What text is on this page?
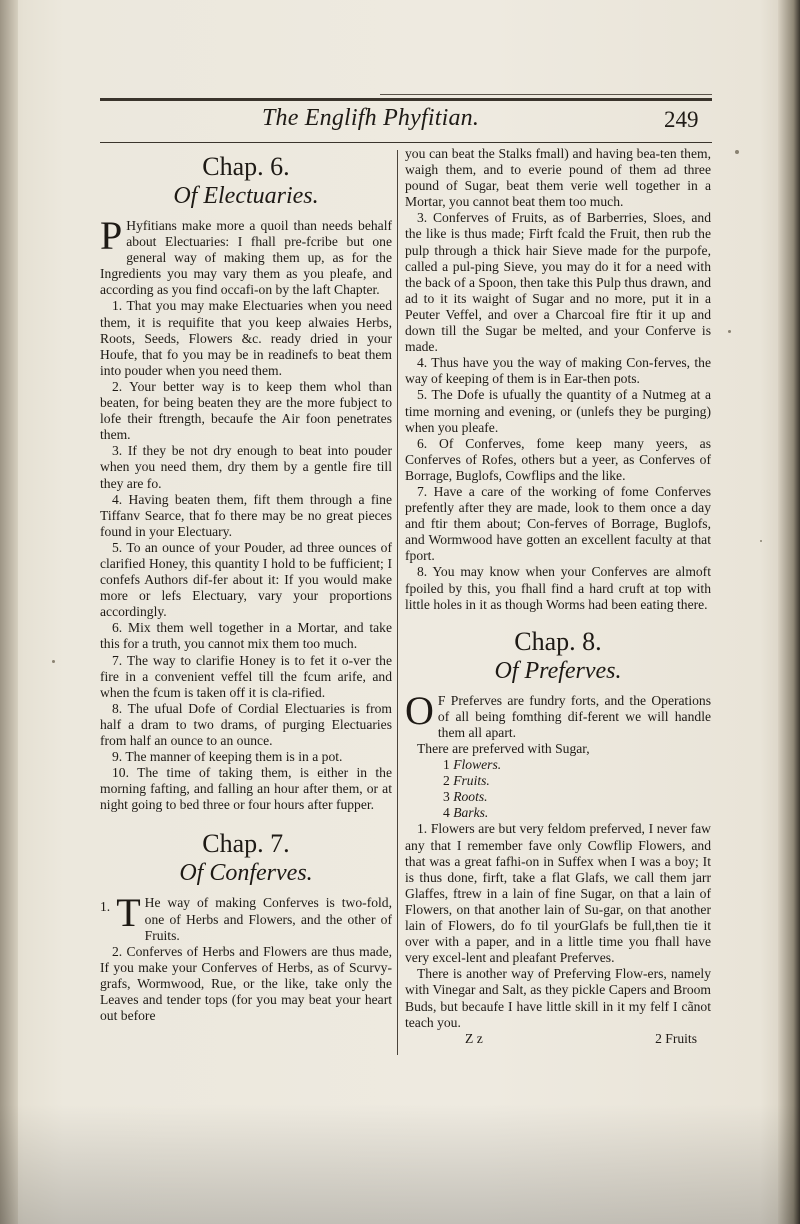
The Englifh Phyfitian.	249
Chap. 6.
Of Electuaries.

P Hyfitians make more a quoil than needs behalf about Electuaries: I fhall pre-fcribe but one general way of making them up, as for the Ingredients you may vary them as you pleafe, and according as you find occafi-on by the laft Chapter.

1. That you may make Electuaries when you need them, it is requifite that you keep alwaies Herbs, Roots, Seeds, Flowers &c. ready dried in your Houfe, that fo you may be in readinefs to beat them into pouder when you need them.

2. Your better way is to keep them whol than beaten, for being beaten they are the more fubject to lofe their ftrength, becaufe the Air foon penetrates them.

3. If they be not dry enough to beat into pouder when you need them, dry them by a gentle fire till they are fo.

4. Having beaten them, fift them through a fine Tiffanv Searce, that fo there may be no great pieces found in your Electuary.

5. To an ounce of your Pouder, ad three ounces of clarified Honey, this quantity I hold to be fufficient; I confefs Authors dif-fer about it: If you would make more or lefs Electuary, vary your proportions accordingly.

6. Mix them well together in a Mortar, and take this for a truth, you cannot mix them too much.

7. The way to clarifie Honey is to fet it o-ver the fire in a convenient veffel till the fcum arife, and when the fcum is taken off it is cla-rified.

8. The ufual Dofe of Cordial Electuaries is from half a dram to two drams, of purging Electuaries from half an ounce to an ounce.

9. The manner of keeping them is in a pot.

10. The time of taking them, is either in the morning fafting, and falling an hour after them, or at night going to bed three or four hours after fupper.

Chap. 7.
Of Conferves.

1. T He way of making Conferves is two-fold, one of Herbs and Flowers, and the other of Fruits.

2. Conferves of Herbs and Flowers are thus made, If you make your Conferves of Herbs, as of Scurvy-grafs, Wormwood, Rue, or the like, take only the Leaves and tender tops (for you may beat your heart out before

you can beat the Stalks fmall) and having bea-ten them, waigh them, and to everie pound of them ad three pound of Sugar, beat them verie well together in a Mortar, you cannot beat them too much.

3. Conferves of Fruits, as of Barberries, Sloes, and the like is thus made; Firft fcald the Fruit, then rub the pulp through a thick hair Sieve made for the purpofe, called a pul-ping Sieve, you may do it for a need with the back of a Spoon, then take this Pulp thus drawn, and ad to it its waight of Sugar and no more, put it in a Peuter Veffel, and over a Charcoal fire ftir it up and down till the Sugar be melted, and your Conferve is made.

4. Thus have you the way of making Con-ferves, the way of keeping of them is in Ear-then pots.

5. The Dofe is ufually the quantity of a Nutmeg at a time morning and evening, or (unlefs they be purging) when you pleafe.

6. Of Conferves, fome keep many yeers, as Conferves of Rofes, others but a yeer, as Conferves of Borrage, Buglofs, Cowflips and the like.

7. Have a care of the working of fome Conferves prefently after they are made, look to them once a day and ftir them about; Con-ferves of Borrage, Buglofs, and Wormwood have gotten an excellent faculty at that fport.

8. You may know when your Conferves are almoft fpoiled by this, you fhall find a hard cruft at top with little holes in it as though Worms had been eating there.

Chap. 8.
Of Preferves.

O F Preferves are fundry forts, and the Operations of all being fomthing dif-ferent we will handle them all apart.

There are preferved with Sugar,

1 Flowers.

2 Fruits.

3 Roots.

4 Barks.

1. Flowers are but very feldom preferved, I never faw any that I remember fave only Cowflip Flowers, and that was a great fafhi-on in Suffex when I was a boy; It is thus done, firft, take a flat Glafs, we call them jarr Glaffes, ftrew in a lain of fine Sugar, on that a lain of Flowers, on that another lain of Su-gar, on that another lain of Flowers, do fo til yourGlafs be full,then tie it over with a paper, and in a little time you fhall have very excel-lent and pleafant Preferves.

There is another way of Preferving Flow-ers, namely with Vinegar and Salt, as they pickle Capers and Broom Buds, but becaufe I have little skill in it my felf I cãnot teach you.

Z z	2 Fruits
